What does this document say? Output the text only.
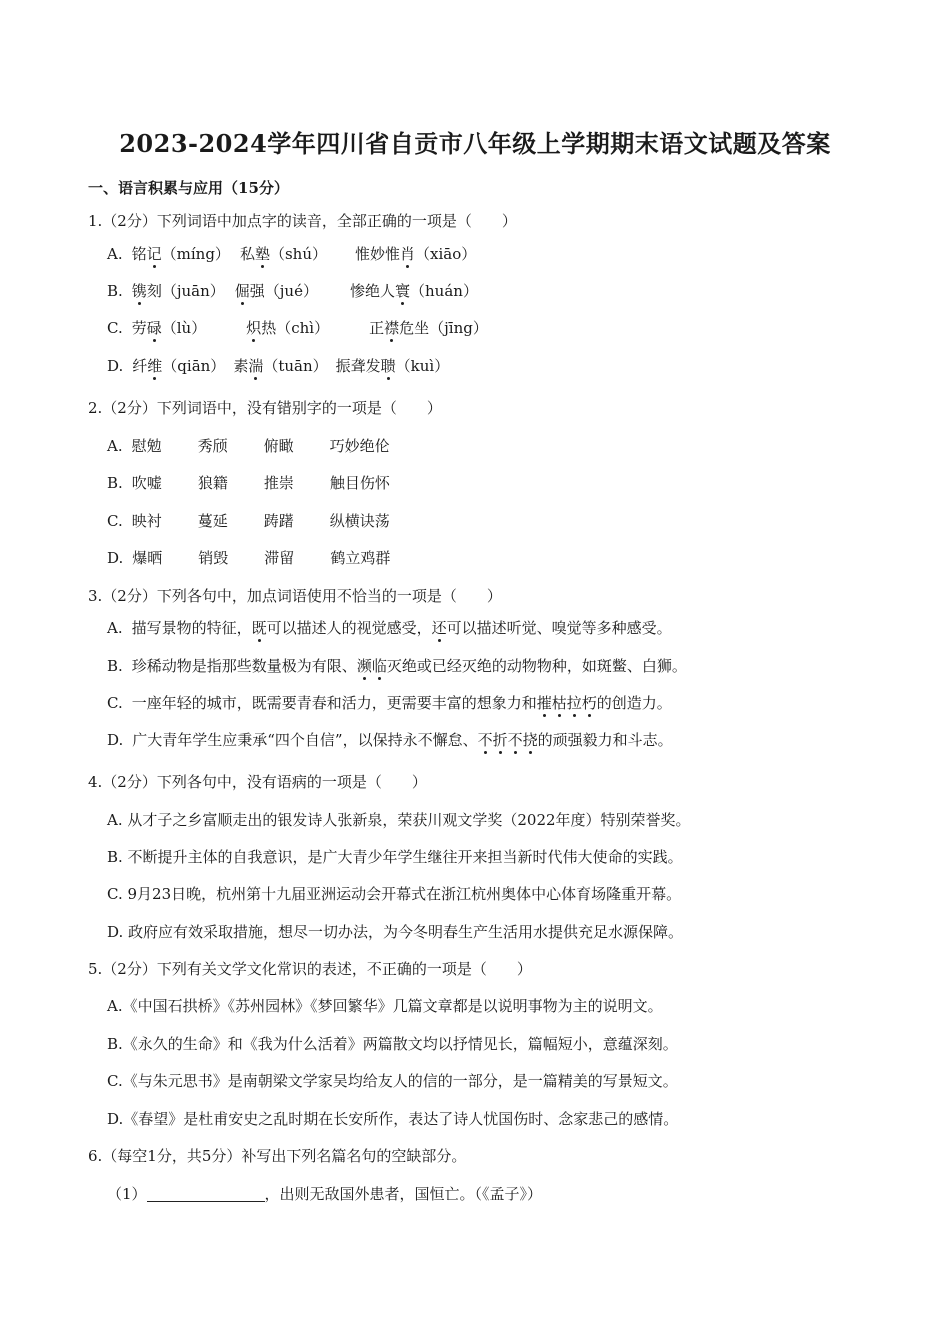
2023-2024学年四川省自贡市八年级上学期期末语文试题及答案
一、语言积累与应用（15分）
1.（2分）下列词语中加点字的读音，全部正确的一项是（　　）
A. 铭记（míng） 私塾（shú） 惟妙惟肖（xiāo）
B. 镌刻（juān） 倔强（jué） 惨绝人寰（huán）
C. 劳碌（lù）	炽热（chì）	正襟危坐（jīng）
D. 纤维（qiān） 素湍（tuān） 振聋发聩（kuì）
2.（2分）下列词语中，没有错别字的一项是（　　）
A. 慰勉 秀颀 俯瞰 巧妙绝伦
B. 吹嘘 狼籍 推崇 触目伤怀
C. 映衬 蔓延 踌躇 纵横诀荡
D. 爆晒 销毁 滞留 鹤立鸡群
3.（2分）下列各句中，加点词语使用不恰当的一项是（　　）
A. 描写景物的特征，既可以描述人的视觉感受，还可以描述听觉、嗅觉等多种感受。
B. 珍稀动物是指那些数量极为有限、濒临灭绝或已经灭绝的动物物种，如斑鳖、白狮。
C. 一座年轻的城市，既需要青春和活力，更需要丰富的想象力和摧枯拉朽的创造力。
D. 广大青年学生应秉承“四个自信”，以保持永不懈怠、不折不挠的顽强毅力和斗志。
4.（2分）下列各句中，没有语病的一项是（　　）
A. 从才子之乡富顺走出的银发诗人张新泉，荣获川观文学奖（2022年度）特别荣誉奖。
B. 不断提升主体的自我意识，是广大青少年学生继往开来担当新时代伟大使命的实践。
C. 9月23日晚，杭州第十九届亚洲运动会开幕式在浙江杭州奥体中心体育场隆重开幕。
D. 政府应有效采取措施，想尽一切办法，为今冬明春生产生活用水提供充足水源保障。
5.（2分）下列有关文学文化常识的表述，不正确的一项是（　　）
A.《中国石拱桥》《苏州园林》《梦回繁华》几篇文章都是以说明事物为主的说明文。
B.《永久的生命》和《我为什么活着》两篇散文均以抒情见长，篇幅短小，意蕴深刻。
C.《与朱元思书》是南朝梁文学家吴均给友人的信的一部分，是一篇精美的写景短文。
D.《春望》是杜甫安史之乱时期在长安所作，表达了诗人忧国伤时、念家悲己的感情。
6.（每空1分，共5分）补写出下列名篇名句的空缺部分。
（1）	，出则无敌国外患者，国恒亡。（《孟子》）
